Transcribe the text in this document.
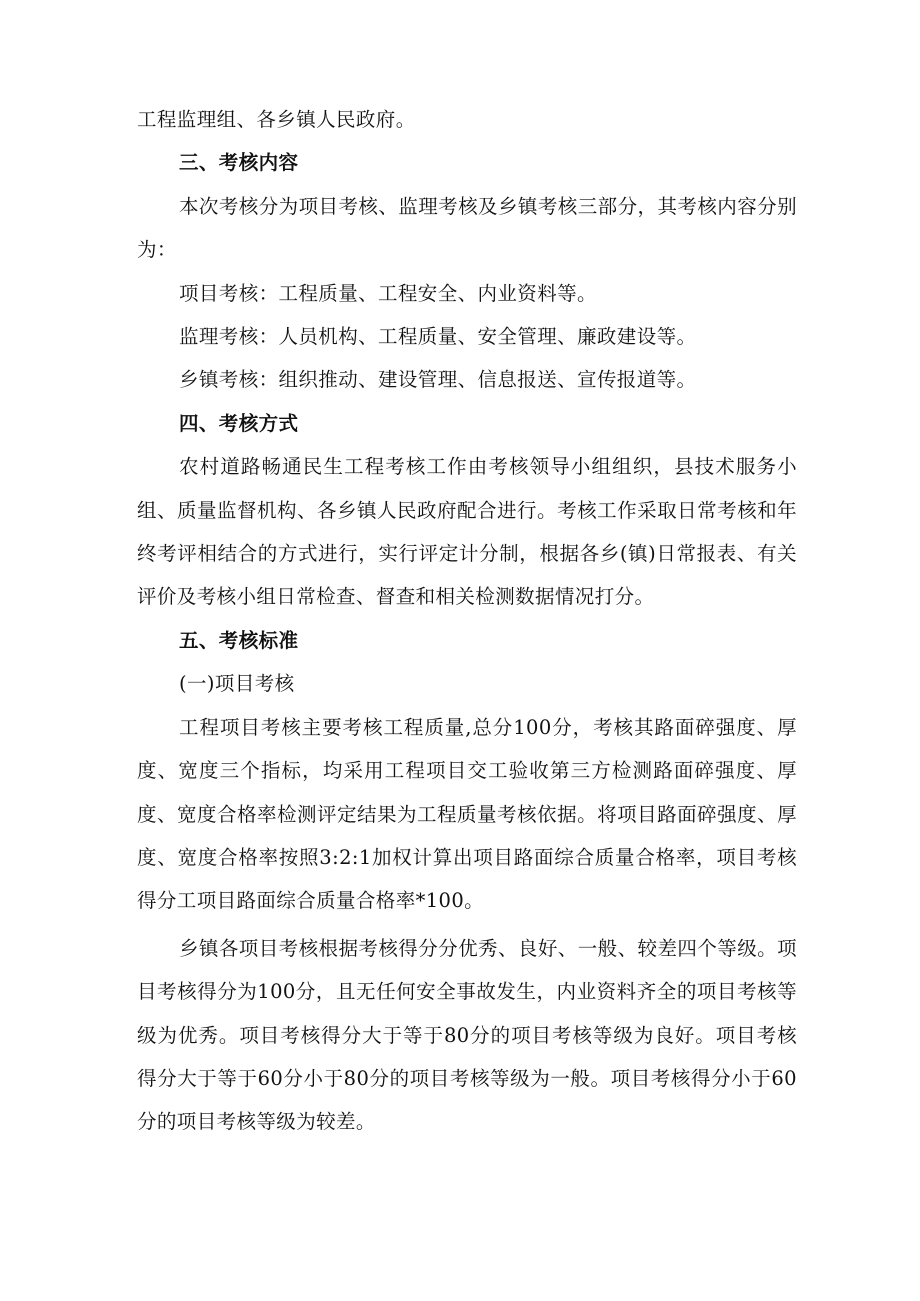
工程监理组、各乡镇人民政府。

三、考核内容

本次考核分为项目考核、监理考核及乡镇考核三部分，其考核内容分别为：

项目考核：工程质量、工程安全、内业资料等。

监理考核：人员机构、工程质量、安全管理、廉政建设等。

乡镇考核：组织推动、建设管理、信息报送、宣传报道等。

四、考核方式

农村道路畅通民生工程考核工作由考核领导小组组织，县技术服务小组、质量监督机构、各乡镇人民政府配合进行。考核工作采取日常考核和年终考评相结合的方式进行，实行评定计分制，根据各乡(镇)日常报表、有关评价及考核小组日常检查、督查和相关检测数据情况打分。

五、考核标准

(一)项目考核

工程项目考核主要考核工程质量,总分100分，考核其路面碎强度、厚度、宽度三个指标，均采用工程项目交工验收第三方检测路面碎强度、厚度、宽度合格率检测评定结果为工程质量考核依据。将项目路面碎强度、厚度、宽度合格率按照3:2:1加权计算出项目路面综合质量合格率，项目考核得分工项目路面综合质量合格率*100。

乡镇各项目考核根据考核得分分优秀、良好、一般、较差四个等级。项目考核得分为100分，且无任何安全事故发生，内业资料齐全的项目考核等级为优秀。项目考核得分大于等于80分的项目考核等级为良好。项目考核得分大于等于60分小于80分的项目考核等级为一般。项目考核得分小于60分的项目考核等级为较差。
